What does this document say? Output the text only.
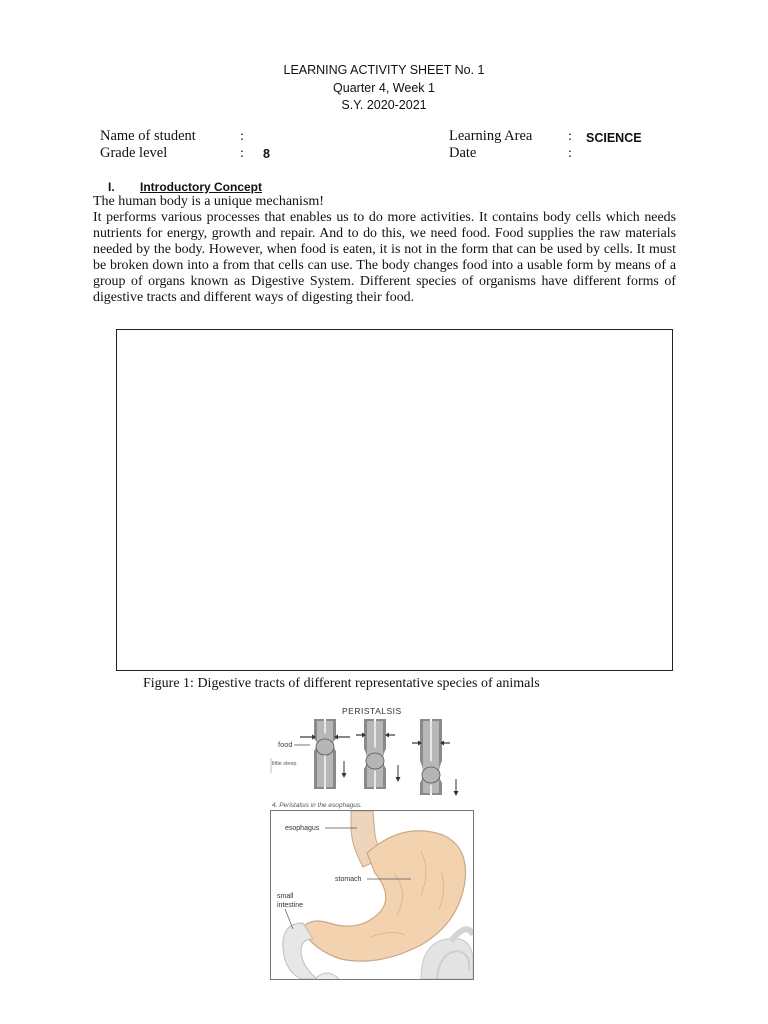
LEARNING ACTIVITY SHEET No. 1
Quarter 4, Week 1
S.Y. 2020-2021
Name of student	:
Grade level	: 8
Learning Area	: SCIENCE
Date	:
I. Introductory Concept
The human body is a unique mechanism!
It performs various processes that enables us to do more activities. It contains body cells which needs nutrients for energy, growth and repair. And to do this, we need food. Food supplies the raw materials needed by the body. However, when food is eaten, it is not in the form that can be used by cells. It must be broken down into a from that cells can use. The body changes food into a usable form by means of a group of organs known as Digestive System. Different species of organisms have different forms of digestive tracts and different ways of digesting their food.
Figure 1: Digestive tracts of different representative species of animals
PERISTALSIS
food
little sleep
4. Peristalsis in the esophagus.
esophagus
stomach
small
intestine
